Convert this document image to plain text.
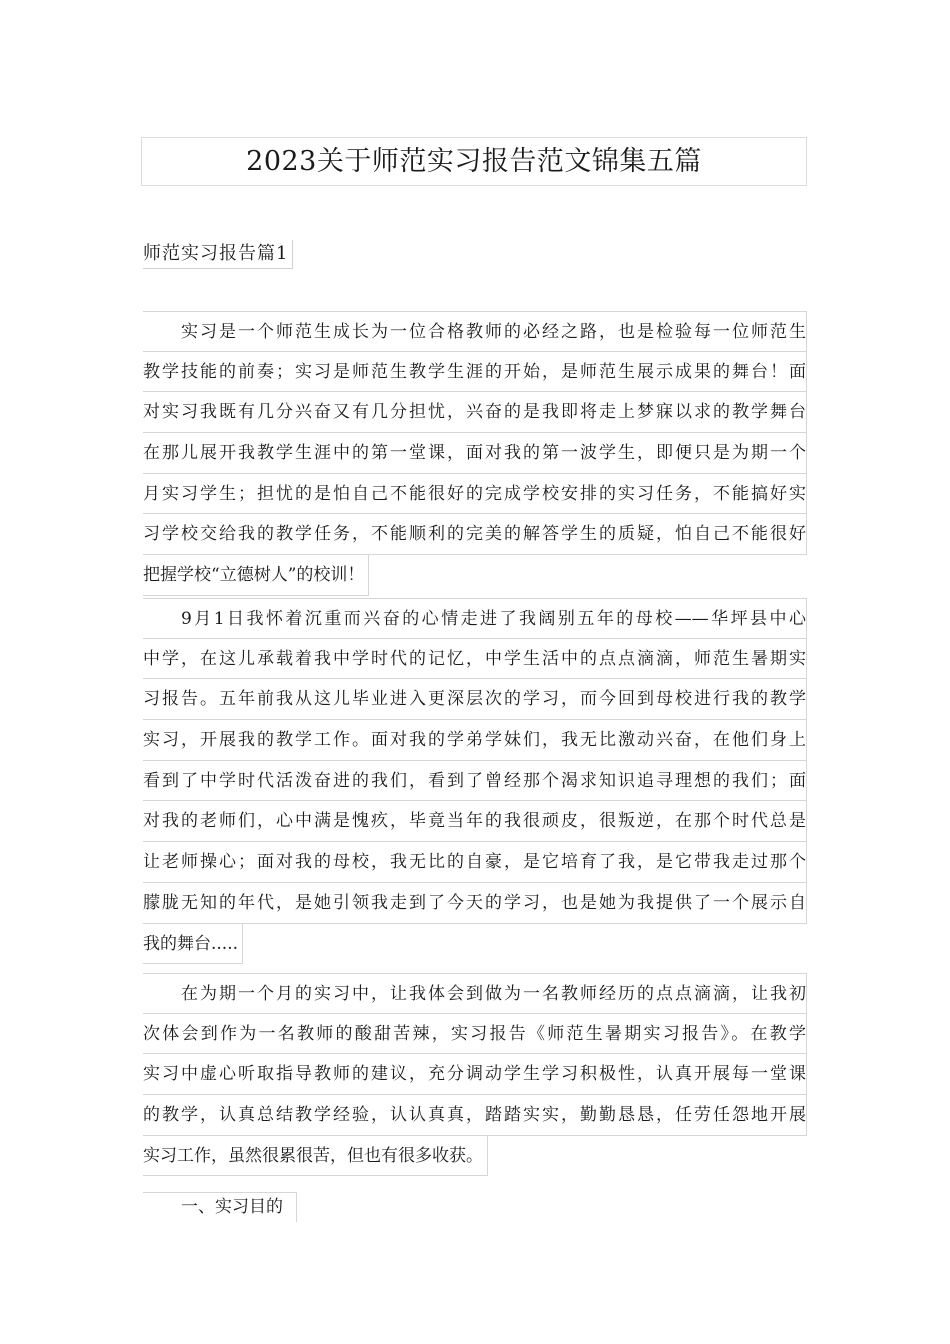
2023关于师范实习报告范文锦集五篇
师范实习报告篇1
实习是一个师范生成长为一位合格教师的必经之路，也是检验每一位师范生
教学技能的前奏；实习是师范生教学生涯的开始，是师范生展示成果的舞台！面
对实习我既有几分兴奋又有几分担忧，兴奋的是我即将走上梦寐以求的教学舞台
在那儿展开我教学生涯中的第一堂课，面对我的第一波学生，即便只是为期一个
月实习学生；担忧的是怕自己不能很好的完成学校安排的实习任务，不能搞好实
习学校交给我的教学任务，不能顺利的完美的解答学生的质疑，怕自己不能很好
把握学校“立德树人”的校训！
9月1日我怀着沉重而兴奋的心情走进了我阔别五年的母校——华坪县中心
中学，在这儿承载着我中学时代的记忆，中学生活中的点点滴滴，师范生暑期实
习报告。五年前我从这儿毕业进入更深层次的学习，而今回到母校进行我的教学
实习，开展我的教学工作。面对我的学弟学妹们，我无比激动兴奋，在他们身上
看到了中学时代活泼奋进的我们，看到了曾经那个渴求知识追寻理想的我们；面
对我的老师们，心中满是愧疚，毕竟当年的我很顽皮，很叛逆，在那个时代总是
让老师操心；面对我的母校，我无比的自豪，是它培育了我，是它带我走过那个
朦胧无知的年代，是她引领我走到了今天的学习，也是她为我提供了一个展示自
我的舞台.....
在为期一个月的实习中，让我体会到做为一名教师经历的点点滴滴，让我初
次体会到作为一名教师的酸甜苦辣，实习报告《师范生暑期实习报告》。在教学
实习中虚心听取指导教师的建议，充分调动学生学习积极性，认真开展每一堂课
的教学，认真总结教学经验，认认真真，踏踏实实，勤勤恳恳，任劳任怨地开展
实习工作，虽然很累很苦，但也有很多收获。
一、实习目的
